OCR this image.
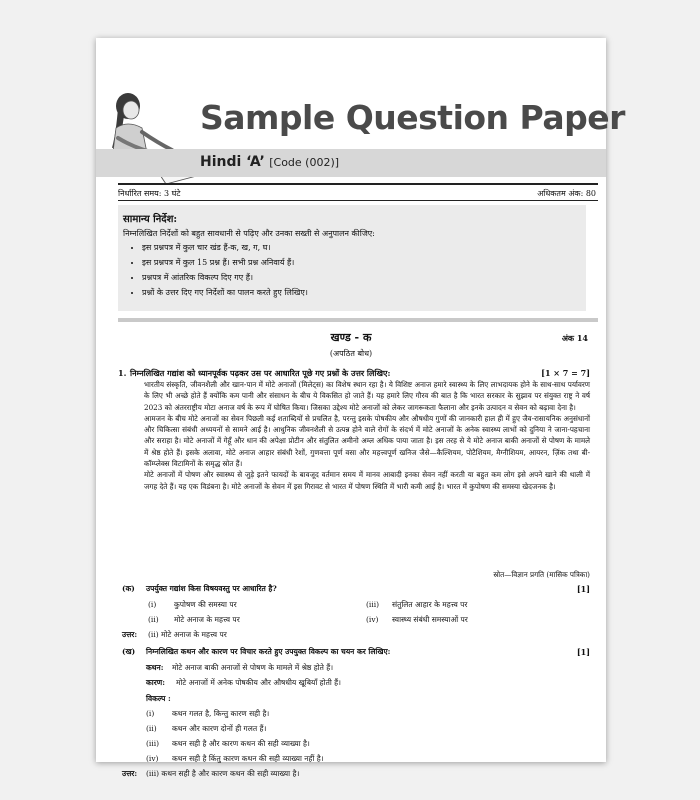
Sample Question Paper
Hindi ‘A’ [Code (002)]
निर्धारित समय: 3 घंटे	अधिकतम अंक: 80
सामान्य निर्देश:
निम्नलिखित निर्देशों को बहुत सावधानी से पढ़िए और उनका सख्ती से अनुपालन कीजिए:
• इस प्रश्नपत्र में कुल चार खंड हैं-क, ख, ग, घ।
• इस प्रश्नपत्र में कुल 15 प्रश्न हैं। सभी प्रश्न अनिवार्य हैं।
• प्रश्नपत्र में आंतरिक विकल्प दिए गए हैं।
• प्रश्नों के उत्तर दिए गए निर्देशों का पालन करते हुए लिखिए।
खण्ड - क	अंक 14
(अपठित बोध)
1. निम्नलिखित गद्यांश को ध्यानपूर्वक पढ़कर उस पर आधारित पूछे गए प्रश्नों के उत्तर लिखिए:	[1 × 7 = 7]

भारतीय संस्कृति, जीवनशैली और खान-पान में मोटे अनाजों (मिलेट्स) का विशेष स्थान रहा है। ये विशिष्ट अनाज हमारे स्वास्थ्य के लिए लाभदायक होने के साथ-साथ पर्यावरण के लिए भी अच्छे होते हैं क्योंकि कम पानी और संसाधन के बीच ये विकसित हो जाते हैं। यह हमारे लिए गौरव की बात है कि भारत सरकार के सुझाव पर संयुक्त राष्ट्र ने वर्ष 2023 को अंतरराष्ट्रीय मोटा अनाज वर्ष के रूप में घोषित किया। जिसका उद्देश्य मोटे अनाजों को लेकर जागरूकता फैलाना और इनके उत्पादन व सेवन को बढ़ावा देना है।

आमजन के बीच मोटे अनाजों का सेवन पिछली कई शताब्दियों से प्रचलित है, परन्तु इसके पोषकीय और औषधीय गुणों की जानकारी हाल ही में हुए जैव-रासायनिक अनुसंधानों और चिकित्सा संबंधी अध्ययनों से सामने आई है। आधुनिक जीवनशैली से उत्पन्न होने वाले रोगों के संदर्भ में मोटे अनाजों के अनेक स्वास्थ्य लाभों को दुनिया ने जाना-पहचाना और सराहा है। मोटे अनाजों में गेहूँ और धान की अपेक्षा प्रोटीन और संतुलित अमीनो अम्ल अधिक पाया जाता है। इस तरह से ये मोटे अनाज बाकी अनाजों से पोषण के मामले में श्रेष्ठ होते हैं। इसके अलावा, मोटे अनाज आहार संबंधी रेशों, गुणवत्ता पूर्ण वसा और महत्त्वपूर्ण खनिज जैसे—कैल्शियम, पोटैशियम, मैग्नीशियम, आयरन, ज़िंक तथा बी-कॉम्प्लेक्स विटामिनों के समृद्ध स्रोत हैं।

मोटे अनाजों में पोषण और स्वास्थ्य से जुड़े इतने फायदों के बावजूद वर्तमान समय में मानव आबादी इनका सेवन नहीं करती या बहुत कम लोग इसे अपने खाने की थाली में जगह देते हैं। यह एक विडंबना है। मोटे अनाजों के सेवन में इस गिरावट से भारत में पोषण स्थिति में भारी कमी आई है। भारत में कुपोषण की समस्या खेदजनक है।

स्रोत—विज्ञान प्रगति (मासिक पत्रिका)
(क) उपर्युक्त गद्यांश किस विषयवस्तु पर आधारित है?	[1]
(i) कुपोषण की समस्या पर	(iii) संतुलित आहार के महत्त्व पर
(ii) मोटे अनाज के महत्त्व पर	(iv) स्वास्थ्य संबंधी समस्याओं पर
उत्तर: (ii) मोटे अनाज के महत्त्व पर
(ख) निम्नलिखित कथन और कारण पर विचार करते हुए उपयुक्त विकल्प का चयन कर लिखिए:	[1]
कथन: मोटे अनाज बाकी अनाजों से पोषण के मामले में श्रेष्ठ होते हैं।
कारण: मोटे अनाजों में अनेक पोषकीय और औषधीय खूबियाँ होती हैं।
विकल्प :
(i) कथन गलत है, किन्तु कारण सही है।
(ii) कथन और कारण दोनों ही गलत हैं।
(iii) कथन सही है और कारण कथन की सही व्याख्या है।
(iv) कथन सही है किंतु कारण कथन की सही व्याख्या नहीं है।
उत्तर: (iii) कथन सही है और कारण कथन की सही व्याख्या है।
